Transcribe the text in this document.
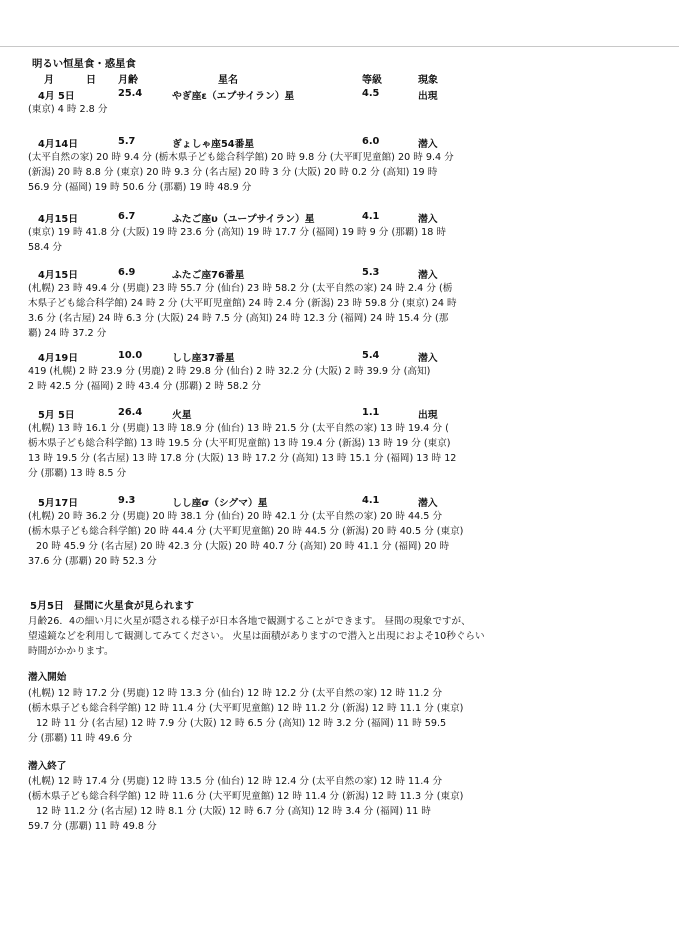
明るい恒星食・惑星食
月	日 月齢	星名	等級	現象
4月 5日	25.4	やぎ座ε（エプサイラン）星	4.5	出現
(東京) 4 時 2.8 分
4月14日	5.7	ぎょしゃ座54番星	6.0	潜入
(太平自然の家) 20 時 9.4 分 (栃木県子ども総合科学館) 20 時 9.8 分 (大平町児童館) 20 時 9.4 分
(新潟) 20 時 8.8 分 (東京) 20 時 9.3 分 (名古屋) 20 時 3 分 (大阪) 20 時 0.2 分 (高知) 19 時
56.9 分 (福岡) 19 時 50.6 分 (那覇) 19 時 48.9 分
4月15日	6.7	ふたご座υ（ユープサイラン）星	4.1	潜入
(東京) 19 時 41.8 分 (大阪) 19 時 23.6 分 (高知) 19 時 17.7 分 (福岡) 19 時 9 分 (那覇) 18 時
58.4 分
4月15日	6.9	ふたご座76番星	5.3	潜入
(札幌) 23 時 49.4 分 (男鹿) 23 時 55.7 分 (仙台) 23 時 58.2 分 (太平自然の家) 24 時 2.4 分 (栃
木県子ども総合科学館) 24 時 2 分 (大平町児童館) 24 時 2.4 分 (新潟) 23 時 59.8 分 (東京) 24 時
3.6 分 (名古屋) 24 時 6.3 分 (大阪) 24 時 7.5 分 (高知) 24 時 12.3 分 (福岡) 24 時 15.4 分 (那
覇) 24 時 37.2 分
4月19日	10.0	しし座37番星	5.4	潜入
419 (札幌) 2 時 23.9 分 (男鹿) 2 時 29.8 分 (仙台) 2 時 32.2 分 (大阪) 2 時 39.9 分 (高知)
2 時 42.5 分 (福岡) 2 時 43.4 分 (那覇) 2 時 58.2 分
5月 5日	26.4	火星	1.1	出現
(札幌) 13 時 16.1 分 (男鹿) 13 時 18.9 分 (仙台) 13 時 21.5 分 (太平自然の家) 13 時 19.4 分 (
栃木県子ども総合科学館) 13 時 19.5 分 (大平町児童館) 13 時 19.4 分 (新潟) 13 時 19 分 (東京)
13 時 19.5 分 (名古屋) 13 時 17.8 分 (大阪) 13 時 17.2 分 (高知) 13 時 15.1 分 (福岡) 13 時 12
分 (那覇) 13 時 8.5 分
5月17日	9.3	しし座σ（シグマ）星	4.1	潜入
(札幌) 20 時 36.2 分 (男鹿) 20 時 38.1 分 (仙台) 20 時 42.1 分 (太平自然の家) 20 時 44.5 分
(栃木県子ども総合科学館) 20 時 44.4 分 (大平町児童館) 20 時 44.5 分 (新潟) 20 時 40.5 分 (東京)
20 時 45.9 分 (名古屋) 20 時 42.3 分 (大阪) 20 時 40.7 分 (高知) 20 時 41.1 分 (福岡) 20 時
37.6 分 (那覇) 20 時 52.3 分
5月5日　昼間に火星食が見られます
月齢26．4の細い月に火星が隠される様子が日本各地で観測することができます。 昼間の現象ですが、
望遠鏡などを利用して観測してみてください。 火星は面積がありますので潜入と出現におよそ10秒ぐらい
時間がかかります。
潜入開始
(札幌) 12 時 17.2 分 (男鹿) 12 時 13.3 分 (仙台) 12 時 12.2 分 (太平自然の家) 12 時 11.2 分
(栃木県子ども総合科学館) 12 時 11.4 分 (大平町児童館) 12 時 11.2 分 (新潟) 12 時 11.1 分 (東京)
12 時 11 分 (名古屋) 12 時 7.9 分 (大阪) 12 時 6.5 分 (高知) 12 時 3.2 分 (福岡) 11 時 59.5
分 (那覇) 11 時 49.6 分
潜入終了
(札幌) 12 時 17.4 分 (男鹿) 12 時 13.5 分 (仙台) 12 時 12.4 分 (太平自然の家) 12 時 11.4 分
(栃木県子ども総合科学館) 12 時 11.6 分 (大平町児童館) 12 時 11.4 分 (新潟) 12 時 11.3 分 (東京)
12 時 11.2 分 (名古屋) 12 時 8.1 分 (大阪) 12 時 6.7 分 (高知) 12 時 3.4 分 (福岡) 11 時
59.7 分 (那覇) 11 時 49.8 分
